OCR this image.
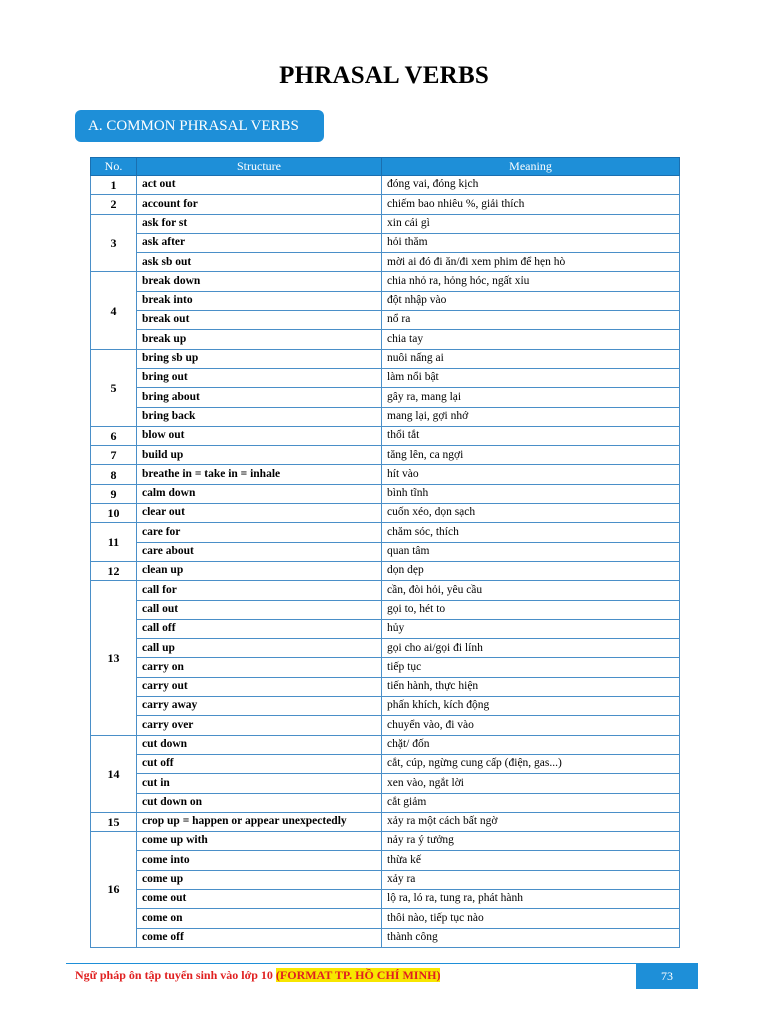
PHRASAL VERBS
A. COMMON PHRASAL VERBS
No.	Structure	Meaning
1	act out	đóng vai, đóng kịch
2	account for	chiếm bao nhiêu %, giải thích
3	ask for st	xin cái gì
	ask after	hỏi thăm
	ask sb out	mời ai đó đi ăn/đi xem phim để hẹn hò
4	break down	chia nhỏ ra, hỏng hóc, ngất xỉu
	break into	đột nhập vào
	break out	nổ ra
	break up	chia tay
5	bring sb up	nuôi nấng ai
	bring out	làm nổi bật
	bring about	gây ra, mang lại
	bring back	mang lại, gợi nhớ
6	blow out	thổi tắt
7	build up	tăng lên, ca ngợi
8	breathe in = take in = inhale	hít vào
9	calm down	bình tĩnh
10	clear out	cuốn xéo, dọn sạch
11	care for	chăm sóc, thích
	care about	quan tâm
12	clean up	dọn dẹp
13	call for	cần, đòi hỏi, yêu cầu
	call out	gọi to, hét to
	call off	hủy
	call up	gọi cho ai/gọi đi lính
	carry on	tiếp tục
	carry out	tiến hành, thực hiện
	carry away	phấn khích, kích động
	carry over	chuyển vào, đi vào
14	cut down	chặt/ đốn
	cut off	cắt, cúp, ngừng cung cấp (điện, gas...)
	cut in	xen vào, ngắt lời
	cut down on	cắt giảm
15	crop up = happen or appear unexpectedly	xảy ra một cách bất ngờ
16	come up with	nảy ra ý tưởng
	come into	thừa kế
	come up	xảy ra
	come out	lộ ra, ló ra, tung ra, phát hành
	come on	thôi nào, tiếp tục nào
	come off	thành công
Ngữ pháp ôn tập tuyển sinh vào lớp 10 (FORMAT TP. HỒ CHÍ MINH)	73
